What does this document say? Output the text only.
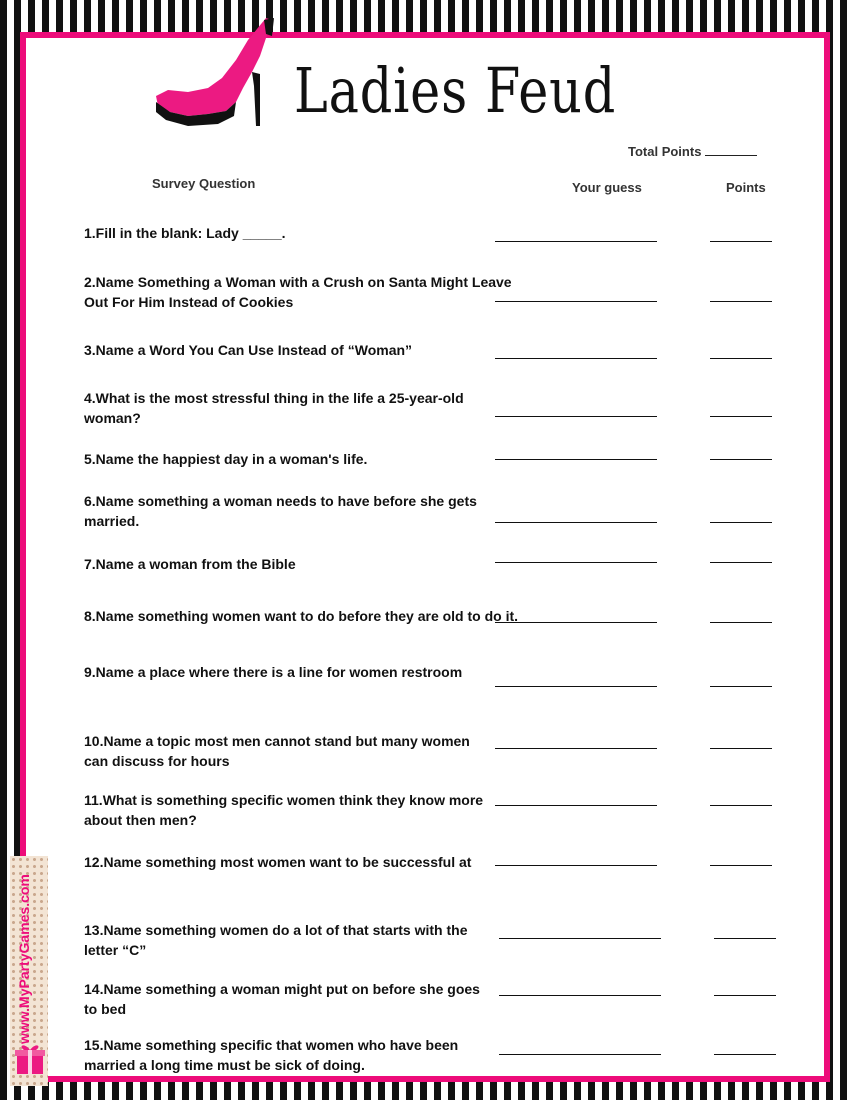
Ladies Feud
Total Points
Survey Question	Your guess	Points
1.Fill in the blank: Lady _____.
2.Name Something a Woman with a Crush on Santa Might Leave Out For Him Instead of Cookies
3.Name a Word You Can Use Instead of “Woman”
4.What is the most stressful thing in the life a 25-year-old woman?
5.Name the happiest day in a woman's life.
6.Name something a woman needs to have before she gets married.
7.Name a woman from the Bible
8.Name something women want to do before they are old to do it.
9.Name a place where there is a line for women restroom
10.Name a topic most men cannot stand but many women can discuss for hours
11.What is something specific women think they know more about then men?
12.Name something most women want to be successful at
13.Name something women do a lot of that starts with the letter “C”
14.Name something a woman might put on before she goes to bed
15.Name something specific that women who have been married a long time must be sick of doing.
www.MyPartyGames.com
